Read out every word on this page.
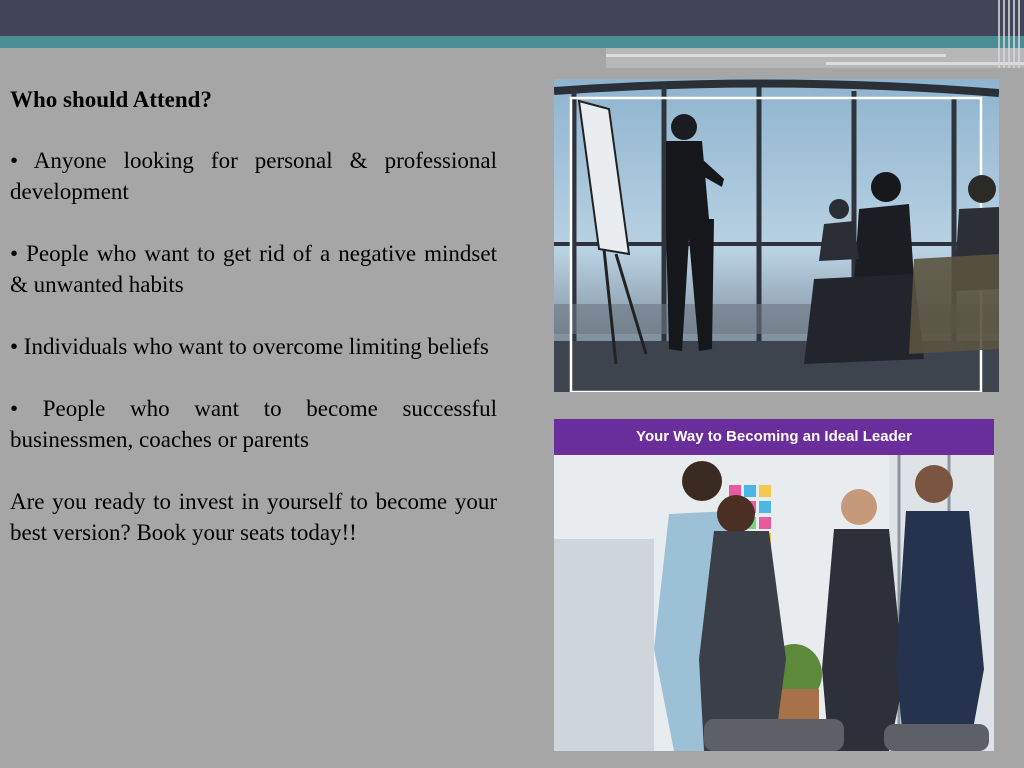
Who should Attend?

• Anyone looking for personal & professional development

• People who want to get rid of a negative mindset & unwanted habits

• Individuals who want to overcome limiting beliefs

• People who want to become successful businessmen, coaches or parents

Are you ready to invest in yourself to become your best version? Book your seats today!!

Your Way to Becoming an Ideal Leader
